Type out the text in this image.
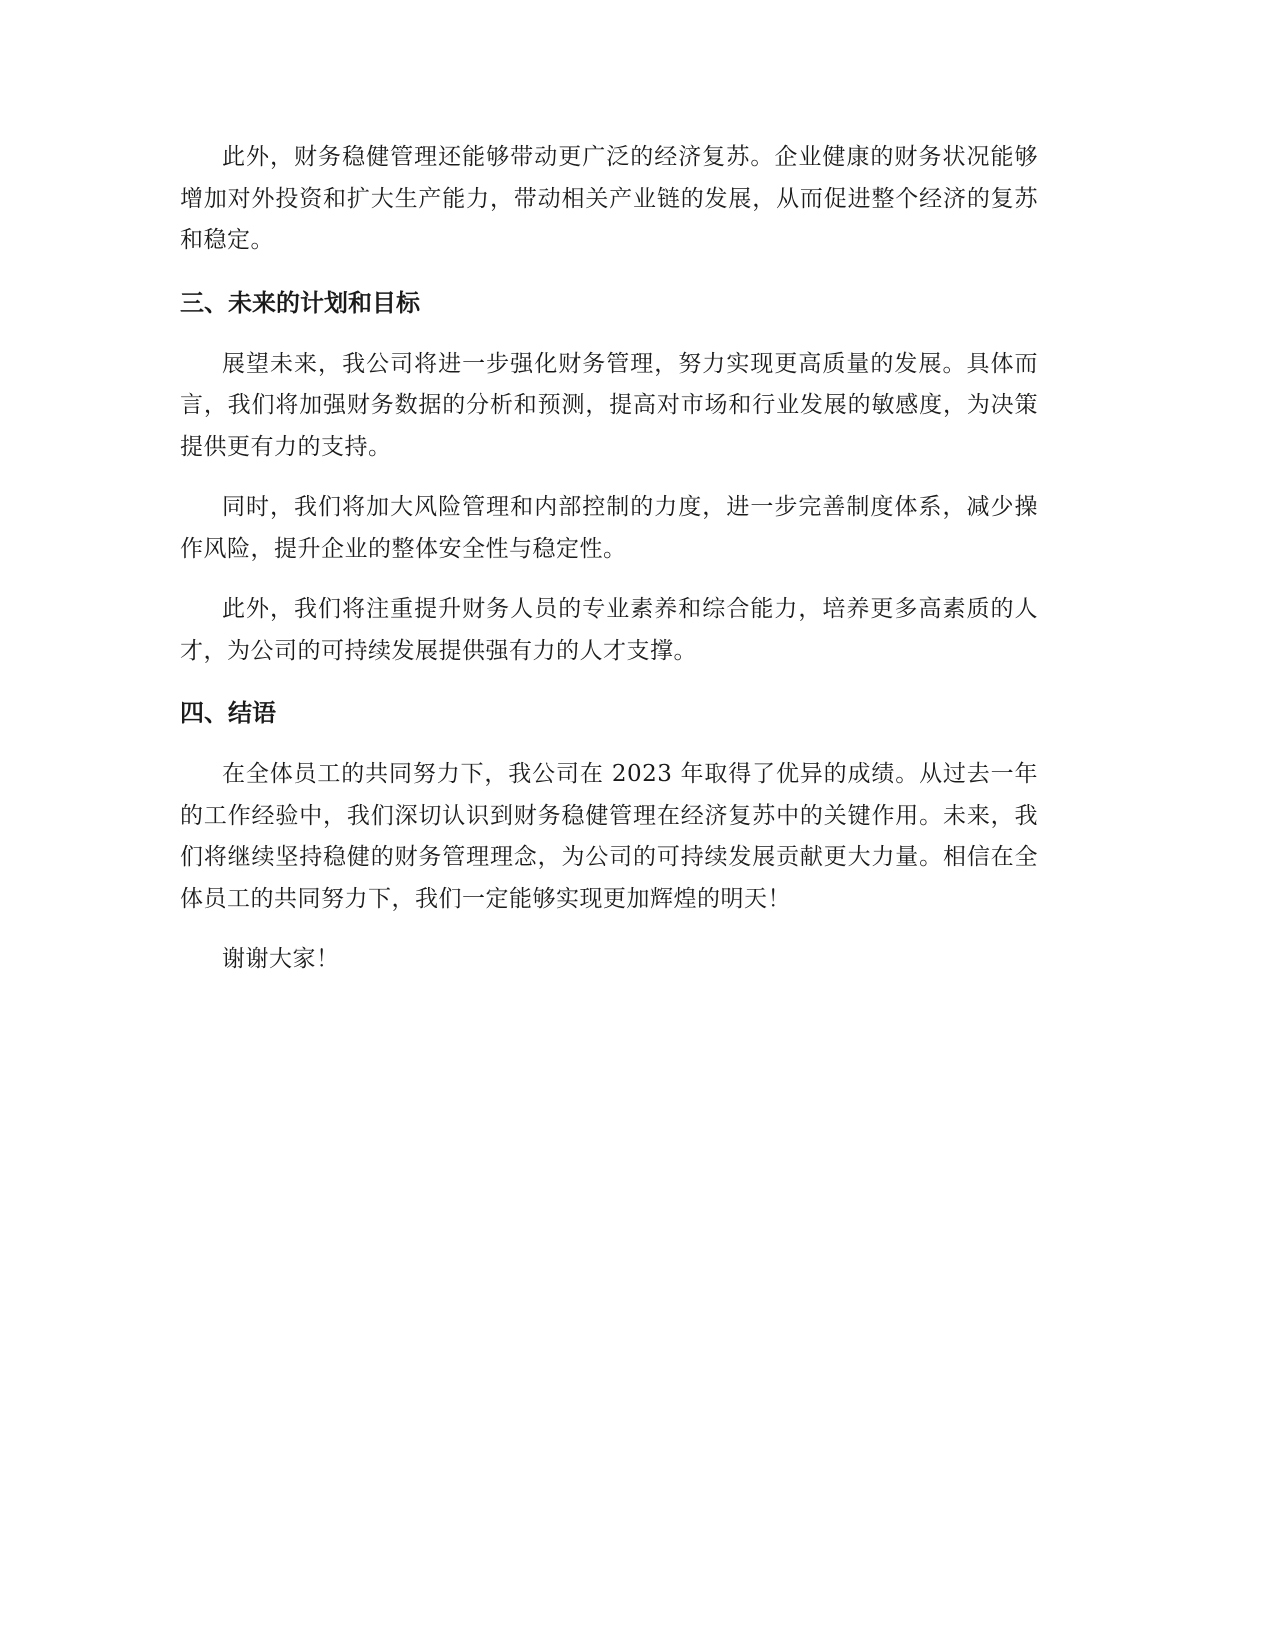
此外，财务稳健管理还能够带动更广泛的经济复苏。企业健康的财务状况能够增加对外投资和扩大生产能力，带动相关产业链的发展，从而促进整个经济的复苏和稳定。

三、未来的计划和目标

展望未来，我公司将进一步强化财务管理，努力实现更高质量的发展。具体而言，我们将加强财务数据的分析和预测，提高对市场和行业发展的敏感度，为决策提供更有力的支持。

同时，我们将加大风险管理和内部控制的力度，进一步完善制度体系，减少操作风险，提升企业的整体安全性与稳定性。

此外，我们将注重提升财务人员的专业素养和综合能力，培养更多高素质的人才，为公司的可持续发展提供强有力的人才支撑。

四、结语

在全体员工的共同努力下，我公司在 2023 年取得了优异的成绩。从过去一年的工作经验中，我们深切认识到财务稳健管理在经济复苏中的关键作用。未来，我们将继续坚持稳健的财务管理理念，为公司的可持续发展贡献更大力量。相信在全体员工的共同努力下，我们一定能够实现更加辉煌的明天！

谢谢大家！
